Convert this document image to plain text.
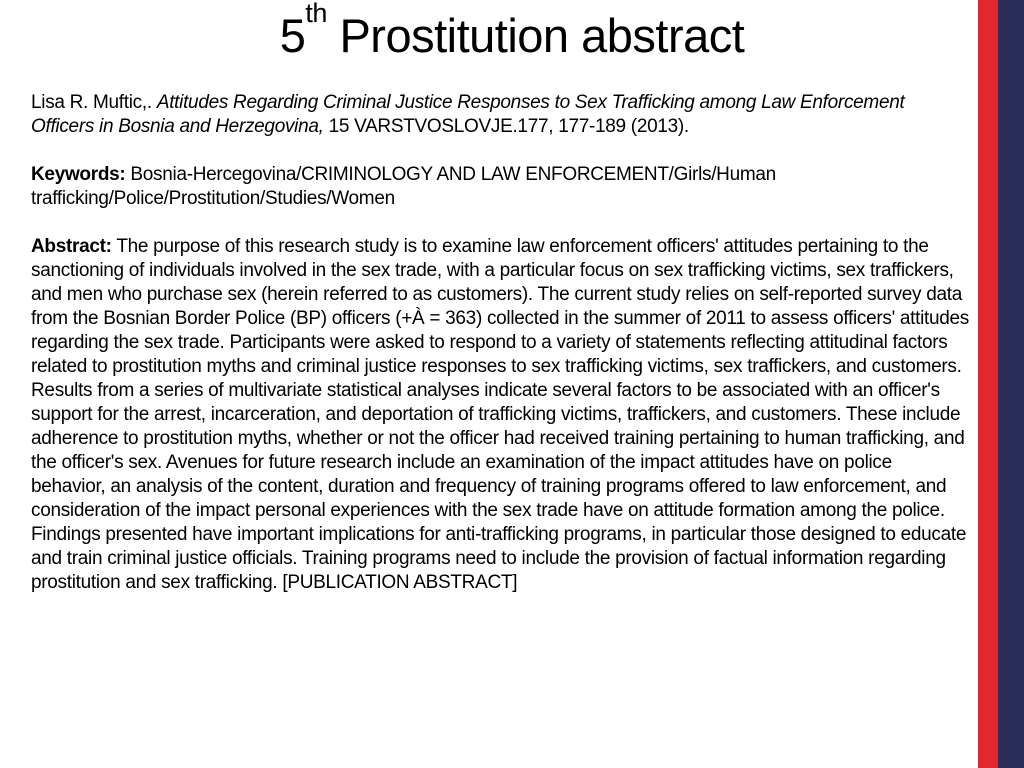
5th Prostitution abstract

Lisa R. Muftic,. Attitudes Regarding Criminal Justice Responses to Sex Trafficking among Law Enforcement Officers in Bosnia and Herzegovina, 15 VARSTVOSLOVJE.177, 177-189 (2013).

Keywords: Bosnia-Hercegovina/CRIMINOLOGY AND LAW ENFORCEMENT/Girls/Human trafficking/Police/Prostitution/Studies/Women

Abstract: The purpose of this research study is to examine law enforcement officers' attitudes pertaining to the sanctioning of individuals involved in the sex trade, with a particular focus on sex trafficking victims, sex traffickers, and men who purchase sex (herein referred to as customers). The current study relies on self-reported survey data from the Bosnian Border Police (BP) officers (+À = 363) collected in the summer of 2011 to assess officers' attitudes regarding the sex trade. Participants were asked to respond to a variety of statements reflecting attitudinal factors related to prostitution myths and criminal justice responses to sex trafficking victims, sex traffickers, and customers. Results from a series of multivariate statistical analyses indicate several factors to be associated with an officer's support for the arrest, incarceration, and deportation of trafficking victims, traffickers, and customers. These include adherence to prostitution myths, whether or not the officer had received training pertaining to human trafficking, and the officer's sex. Avenues for future research include an examination of the impact attitudes have on police behavior, an analysis of the content, duration and frequency of training programs offered to law enforcement, and consideration of the impact personal experiences with the sex trade have on attitude formation among the police. Findings presented have important implications for anti-trafficking programs, in particular those designed to educate and train criminal justice officials. Training programs need to include the provision of factual information regarding prostitution and sex trafficking. [PUBLICATION ABSTRACT]
